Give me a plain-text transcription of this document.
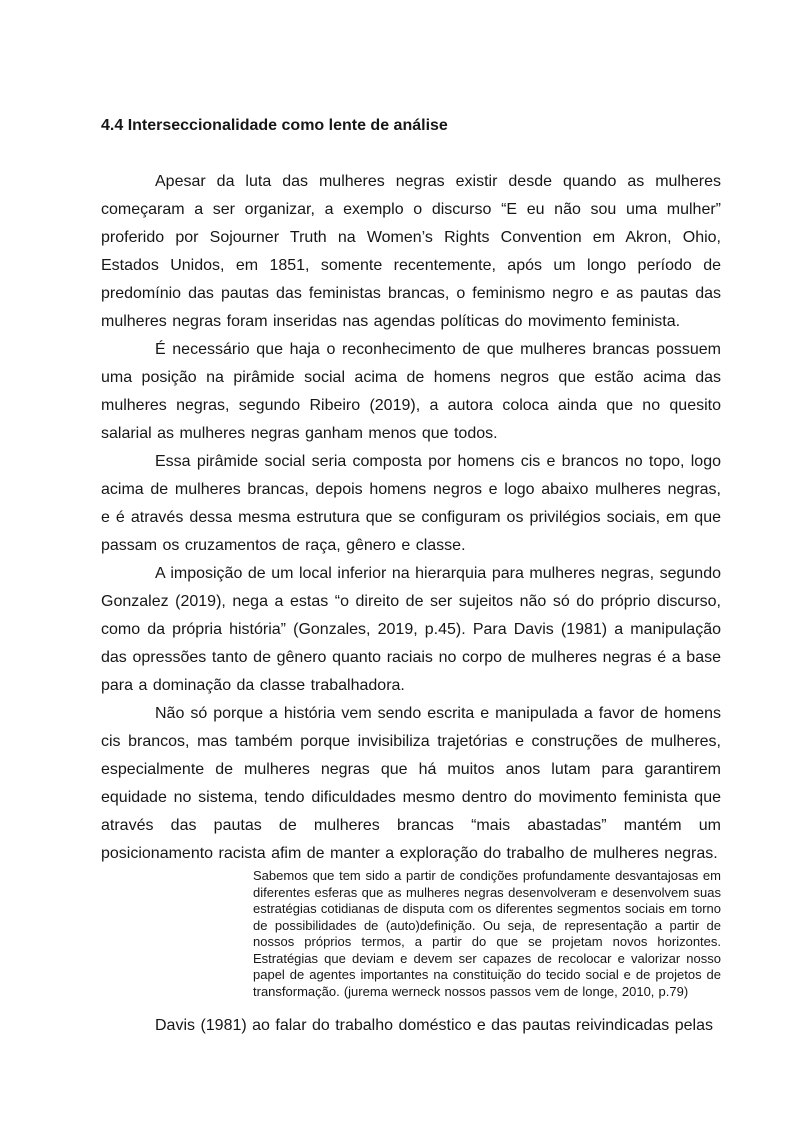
4.4 Interseccionalidade como lente de análise

Apesar da luta das mulheres negras existir desde quando as mulheres começaram a ser organizar, a exemplo o discurso “E eu não sou uma mulher” proferido por Sojourner Truth na Women’s Rights Convention em Akron, Ohio, Estados Unidos, em 1851, somente recentemente, após um longo período de predomínio das pautas das feministas brancas, o feminismo negro e as pautas das mulheres negras foram inseridas nas agendas políticas do movimento feminista.

É necessário que haja o reconhecimento de que mulheres brancas possuem uma posição na pirâmide social acima de homens negros que estão acima das mulheres negras, segundo Ribeiro (2019), a autora coloca ainda que no quesito salarial as mulheres negras ganham menos que todos.

Essa pirâmide social seria composta por homens cis e brancos no topo, logo acima de mulheres brancas, depois homens negros e logo abaixo mulheres negras, e é através dessa mesma estrutura que se configuram os privilégios sociais, em que passam os cruzamentos de raça, gênero e classe.

A imposição de um local inferior na hierarquia para mulheres negras, segundo Gonzalez (2019), nega a estas “o direito de ser sujeitos não só do próprio discurso, como da própria história” (Gonzales, 2019, p.45). Para Davis (1981) a manipulação das opressões tanto de gênero quanto raciais no corpo de mulheres negras é a base para a dominação da classe trabalhadora.

Não só porque a história vem sendo escrita e manipulada a favor de homens cis brancos, mas também porque invisibiliza trajetórias e construções de mulheres, especialmente de mulheres negras que há muitos anos lutam para garantirem equidade no sistema, tendo dificuldades mesmo dentro do movimento feminista que através das pautas de mulheres brancas “mais abastadas” mantém um posicionamento racista afim de manter a exploração do trabalho de mulheres negras.

Sabemos que tem sido a partir de condições profundamente desvantajosas em diferentes esferas que as mulheres negras desenvolveram e desenvolvem suas estratégias cotidianas de disputa com os diferentes segmentos sociais em torno de possibilidades de (auto)definição. Ou seja, de representação a partir de nossos próprios termos, a partir do que se projetam novos horizontes. Estratégias que deviam e devem ser capazes de recolocar e valorizar nosso papel de agentes importantes na constituição do tecido social e de projetos de transformação. (jurema werneck nossos passos vem de longe, 2010, p.79)

Davis (1981) ao falar do trabalho doméstico e das pautas reivindicadas pelas
